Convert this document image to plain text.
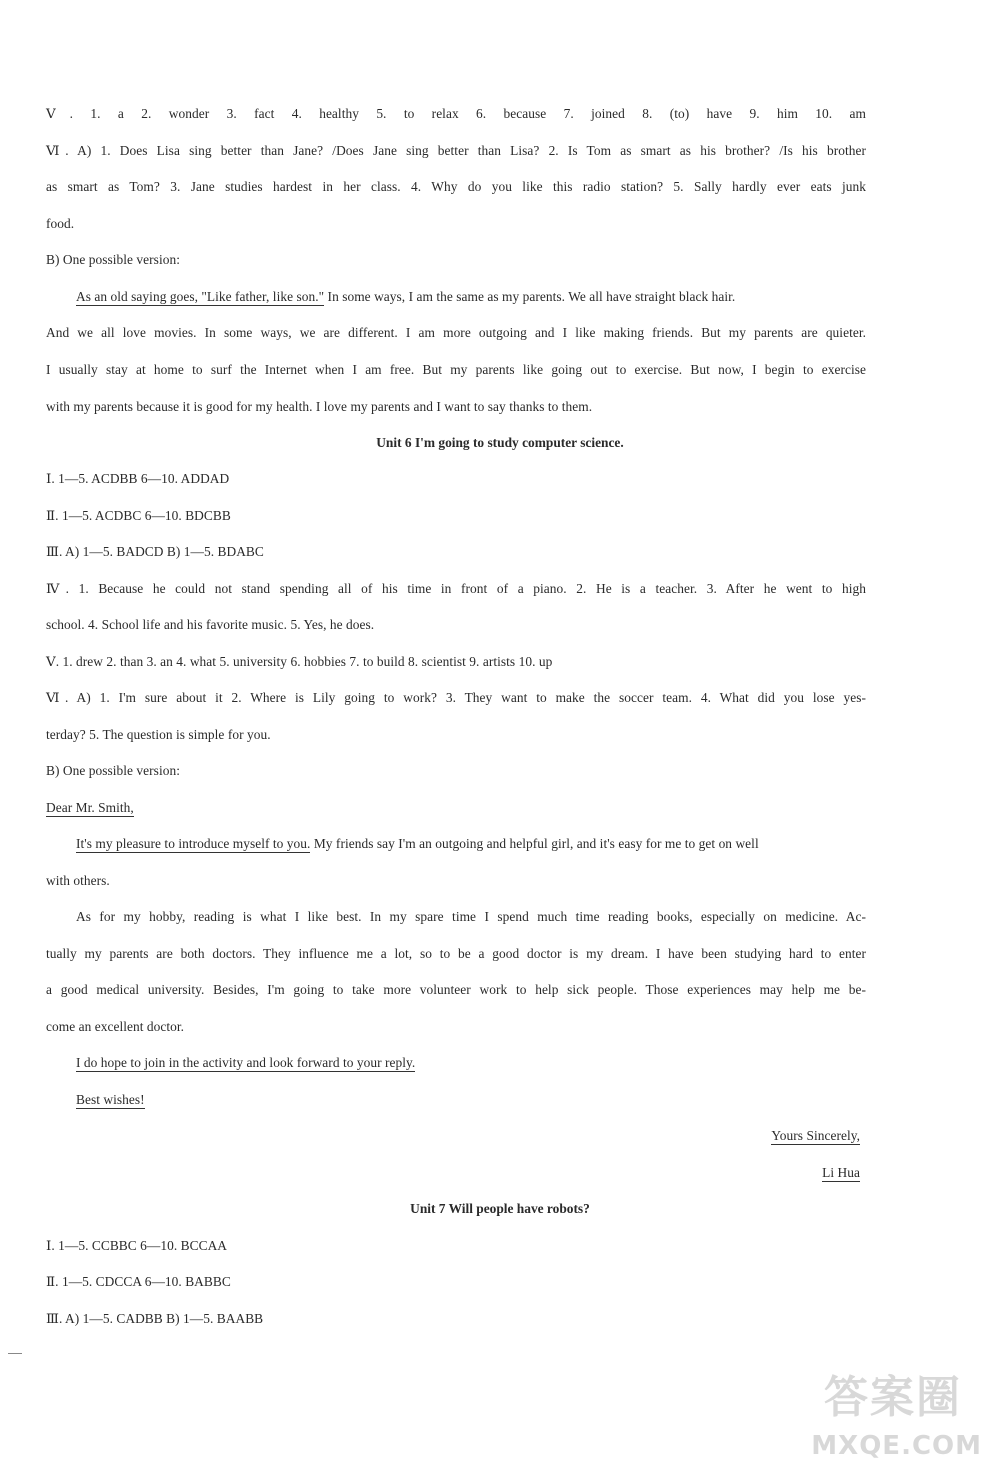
Ⅴ. 1. a 2. wonder 3. fact 4. healthy 5. to relax 6. because 7. joined 8. (to) have 9. him 10. am
Ⅵ. A) 1. Does Lisa sing better than Jane? /Does Jane sing better than Lisa? 2. Is Tom as smart as his brother? /Is his brother
as smart as Tom? 3. Jane studies hardest in her class. 4. Why do you like this radio station? 5. Sally hardly ever eats junk
food.
B) One possible version:
As an old saying goes, "Like father, like son." In some ways, I am the same as my parents. We all have straight black hair.
And we all love movies. In some ways, we are different. I am more outgoing and I like making friends. But my parents are quieter.
I usually stay at home to surf the Internet when I am free. But my parents like going out to exercise. But now, I begin to exercise
with my parents because it is good for my health. I love my parents and I want to say thanks to them.
Unit 6 I'm going to study computer science.
Ⅰ. 1—5. ACDBB 6—10. ADDAD
Ⅱ. 1—5. ACDBC 6—10. BDCBB
Ⅲ. A) 1—5. BADCD B) 1—5. BDABC
Ⅳ. 1. Because he could not stand spending all of his time in front of a piano. 2. He is a teacher. 3. After he went to high
school. 4. School life and his favorite music. 5. Yes, he does.
Ⅴ. 1. drew 2. than 3. an 4. what 5. university 6. hobbies 7. to build 8. scientist 9. artists 10. up
Ⅵ. A) 1. I'm sure about it 2. Where is Lily going to work? 3. They want to make the soccer team. 4. What did you lose yes-
terday? 5. The question is simple for you.
B) One possible version:
Dear Mr. Smith,
It's my pleasure to introduce myself to you. My friends say I'm an outgoing and helpful girl, and it's easy for me to get on well
with others.
As for my hobby, reading is what I like best. In my spare time I spend much time reading books, especially on medicine. Ac-
tually my parents are both doctors. They influence me a lot, so to be a good doctor is my dream. I have been studying hard to enter
a good medical university. Besides, I'm going to take more volunteer work to help sick people. Those experiences may help me be-
come an excellent doctor.
I do hope to join in the activity and look forward to your reply.
Best wishes!
Yours Sincerely,
Li Hua
Unit 7 Will people have robots?
Ⅰ. 1—5. CCBBC 6—10. BCCAA
Ⅱ. 1—5. CDCCA 6—10. BABBC
Ⅲ. A) 1—5. CADBB B) 1—5. BAABB
答案圈
MXQE.COM
